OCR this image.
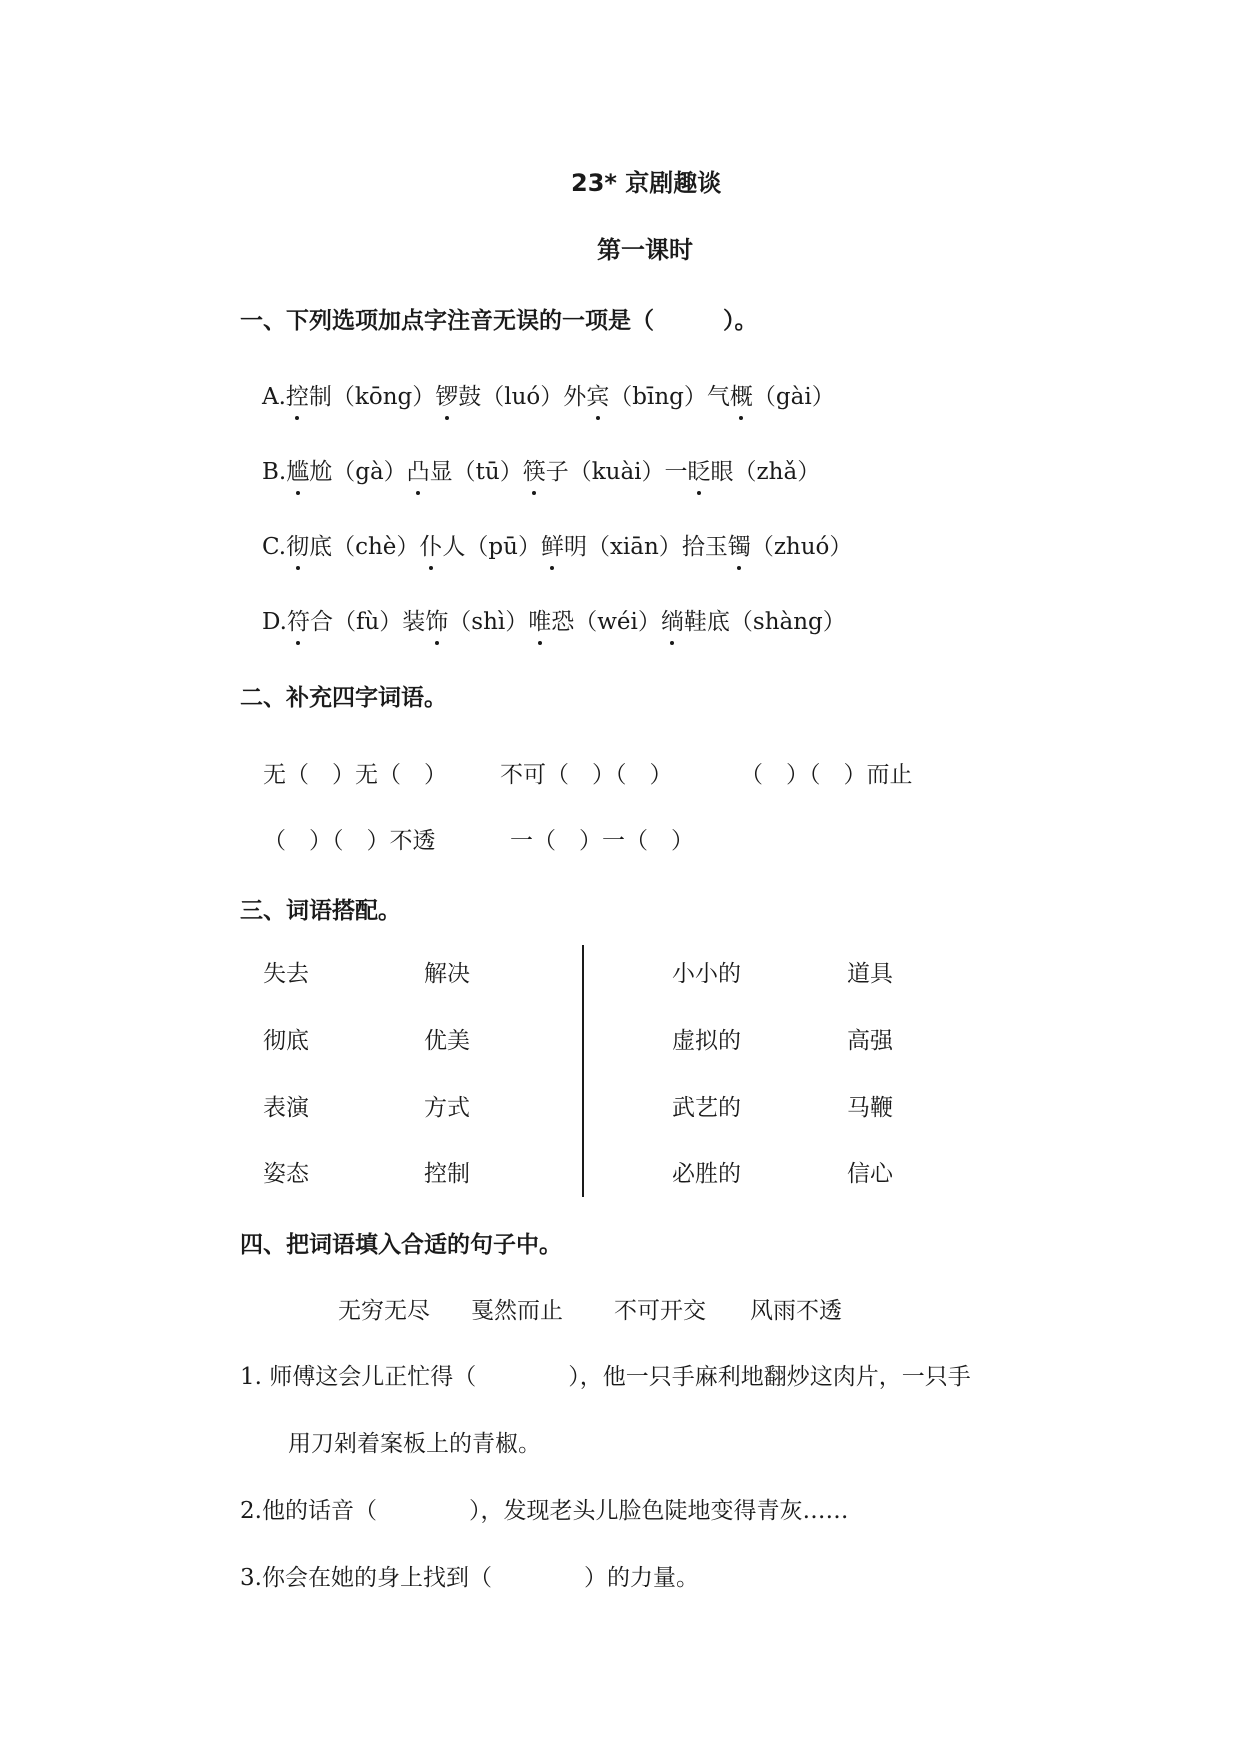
23* 京剧趣谈
第一课时
一、下列选项加点字注音无误的一项是（　　　）。
A.控制（kōng）锣鼓（luó）外宾（bīng）气概（gài）
B.尴尬（gà）凸显（tū）筷子（kuài）一眨眼（zhǎ）
C.彻底（chè）仆人（pū）鲜明（xiān）拾玉镯（zhuó）
D.符合（fù）装饰（shì）唯恐（wéi）绱鞋底（shàng）
二、补充四字词语。
无（　）无（　） 不可（　）（　）	（　）（　）而止
（　）（　）不透	一（　）一（　）
三、词语搭配。
失去
彻底
表演
姿态
解决
优美
方式
控制
小小的
虚拟的
武艺的
必胜的
道具
高强
马鞭
信心
四、把词语填入合适的句子中。
无穷无尽 戛然而止 不可开交 风雨不透
1. 师傅这会儿正忙得（　　　　），他一只手麻利地翻炒这肉片，一只手
用刀剁着案板上的青椒。
2.他的话音（　　　　），发现老头儿脸色陡地变得青灰……
3.你会在她的身上找到（　　　　）的力量。
